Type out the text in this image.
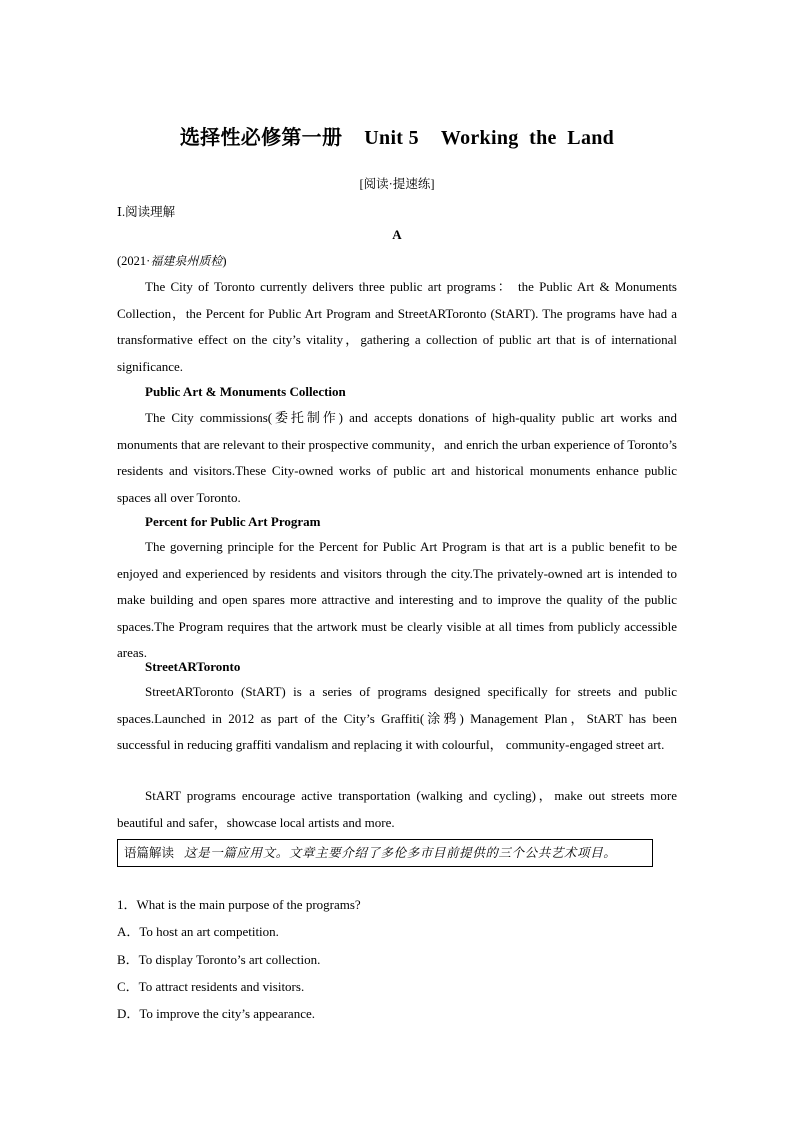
选择性必修第一册 Unit 5 Working  the  Land
[阅读·提速练]
Ⅰ.阅读理解
A
(2021·福建泉州质检)

The City of Toronto currently delivers three public art programs： the Public Art & Monuments Collection，the Percent for Public Art Program and StreetARToronto (StART). The programs have had a transformative effect on the city’s vitality，gathering a collection of public art that is of international significance.

Public Art & Monuments Collection

The City commissions(委托制作) and accepts donations of high-quality public art works and monuments that are relevant to their prospective community，and enrich the urban experience of Toronto’s residents and visitors.These City-owned works of public art and historical monuments enhance public spaces all over Toronto.

Percent for Public Art Program

The governing principle for the Percent for Public Art Program is that art is a public benefit to be enjoyed and experienced by residents and visitors through the city.The privately-owned art is intended to make building and open spares more attractive and interesting and to improve the quality of the public spaces.The Program requires that the artwork must be clearly visible at all times from publicly accessible areas.

StreetARToronto

StreetARToronto (StART) is a series of programs designed specifically for streets and public spaces.Launched in 2012 as part of the City’s Graffiti(涂鸦) Management Plan，StART has been successful in reducing graffiti vandalism and replacing it with colourful， community-engaged street art.

StART programs encourage active transportation (walking and cycling)，make out streets more beautiful and safer，showcase local artists and more.

语篇解读 这是一篇应用文。文章主要介绍了多伦多市目前提供的三个公共艺术项目。
1．What is the main purpose of the programs?
A．To host an art competition.
B．To display Toronto’s art collection.
C．To attract residents and visitors.
D．To improve the city’s appearance.
